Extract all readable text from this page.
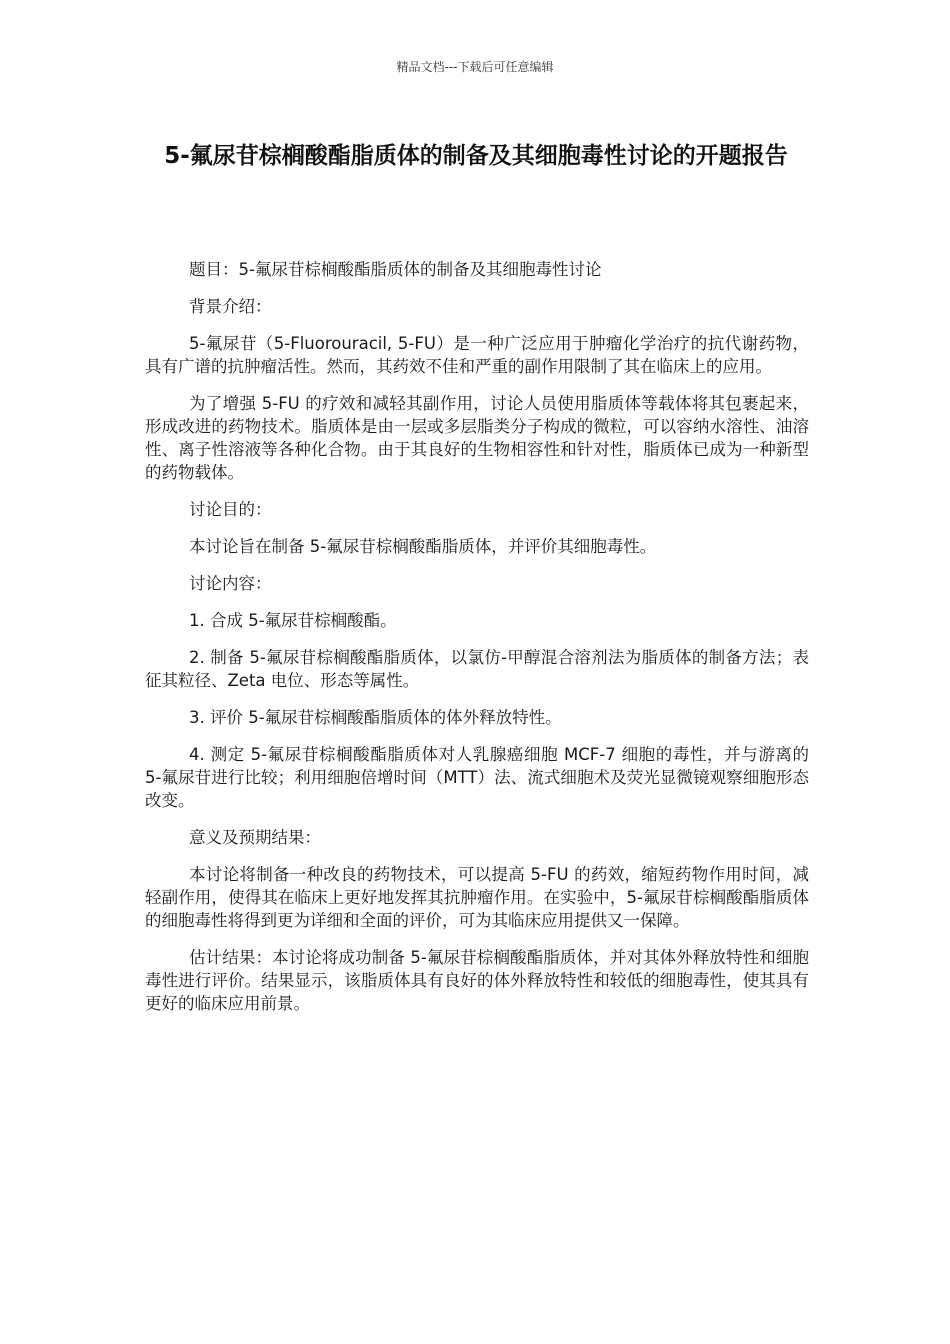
精品文档---下载后可任意编辑
5-氟尿苷棕榈酸酯脂质体的制备及其细胞毒性讨论的开题报告

题目：5-氟尿苷棕榈酸酯脂质体的制备及其细胞毒性讨论

背景介绍：

5-氟尿苷（5-Fluorouracil, 5-FU）是一种广泛应用于肿瘤化学治疗的抗代谢药物，具有广谱的抗肿瘤活性。然而，其药效不佳和严重的副作用限制了其在临床上的应用。

为了增强 5-FU 的疗效和减轻其副作用，讨论人员使用脂质体等载体将其包裹起来，形成改进的药物技术。脂质体是由一层或多层脂类分子构成的微粒，可以容纳水溶性、油溶性、离子性溶液等各种化合物。由于其良好的生物相容性和针对性，脂质体已成为一种新型的药物载体。

讨论目的：

本讨论旨在制备 5-氟尿苷棕榈酸酯脂质体，并评价其细胞毒性。

讨论内容：

1. 合成 5-氟尿苷棕榈酸酯。

2. 制备 5-氟尿苷棕榈酸酯脂质体，以氯仿-甲醇混合溶剂法为脂质体的制备方法；表征其粒径、Zeta 电位、形态等属性。

3. 评价 5-氟尿苷棕榈酸酯脂质体的体外释放特性。

4. 测定 5-氟尿苷棕榈酸酯脂质体对人乳腺癌细胞 MCF-7 细胞的毒性，并与游离的 5-氟尿苷进行比较；利用细胞倍增时间（MTT）法、流式细胞术及荧光显微镜观察细胞形态改变。

意义及预期结果：

本讨论将制备一种改良的药物技术，可以提高 5-FU 的药效，缩短药物作用时间，减轻副作用，使得其在临床上更好地发挥其抗肿瘤作用。在实验中，5-氟尿苷棕榈酸酯脂质体的细胞毒性将得到更为详细和全面的评价，可为其临床应用提供又一保障。

估计结果：本讨论将成功制备 5-氟尿苷棕榈酸酯脂质体，并对其体外释放特性和细胞毒性进行评价。结果显示，该脂质体具有良好的体外释放特性和较低的细胞毒性，使其具有更好的临床应用前景。
